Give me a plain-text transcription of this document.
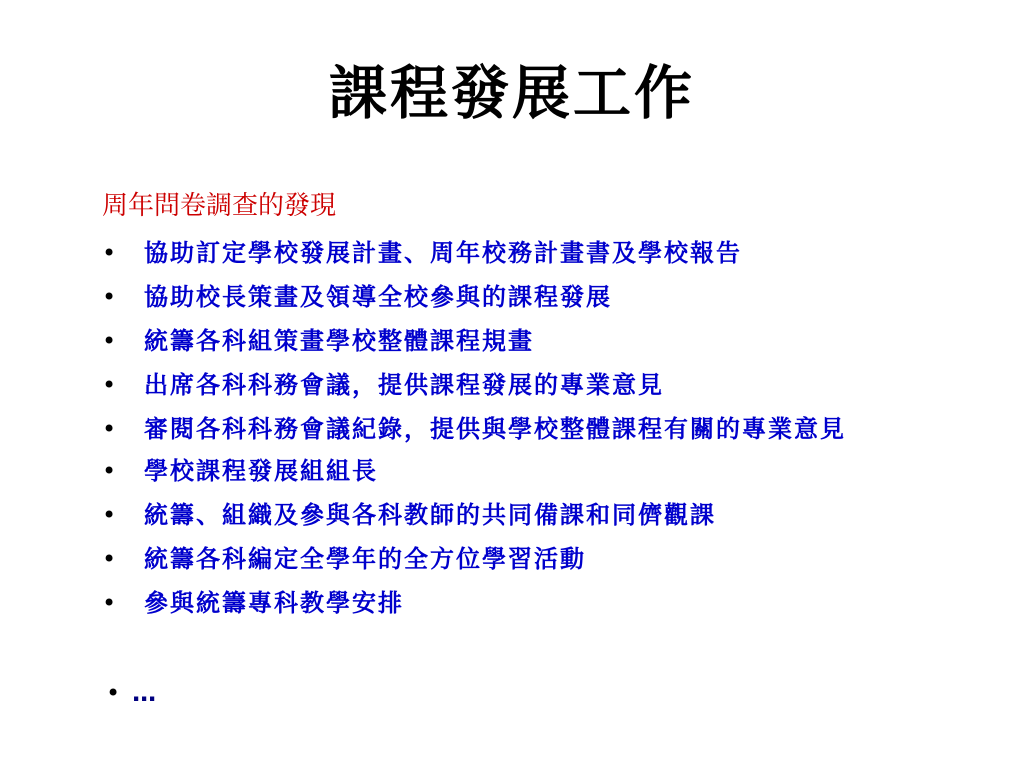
課程發展工作
周年問卷調查的發現
•	協助訂定學校發展計畫、周年校務計畫書及學校報告
•	協助校長策畫及領導全校參與的課程發展
•	統籌各科組策畫學校整體課程規畫
•	出席各科科務會議，提供課程發展的專業意見
•	審閱各科科務會議紀錄，提供與學校整體課程有關的專業意見
•	學校課程發展組組長
•	統籌、組織及參與各科教師的共同備課和同儕觀課
•	統籌各科編定全學年的全方位學習活動
•	參與統籌專科教學安排
• …
